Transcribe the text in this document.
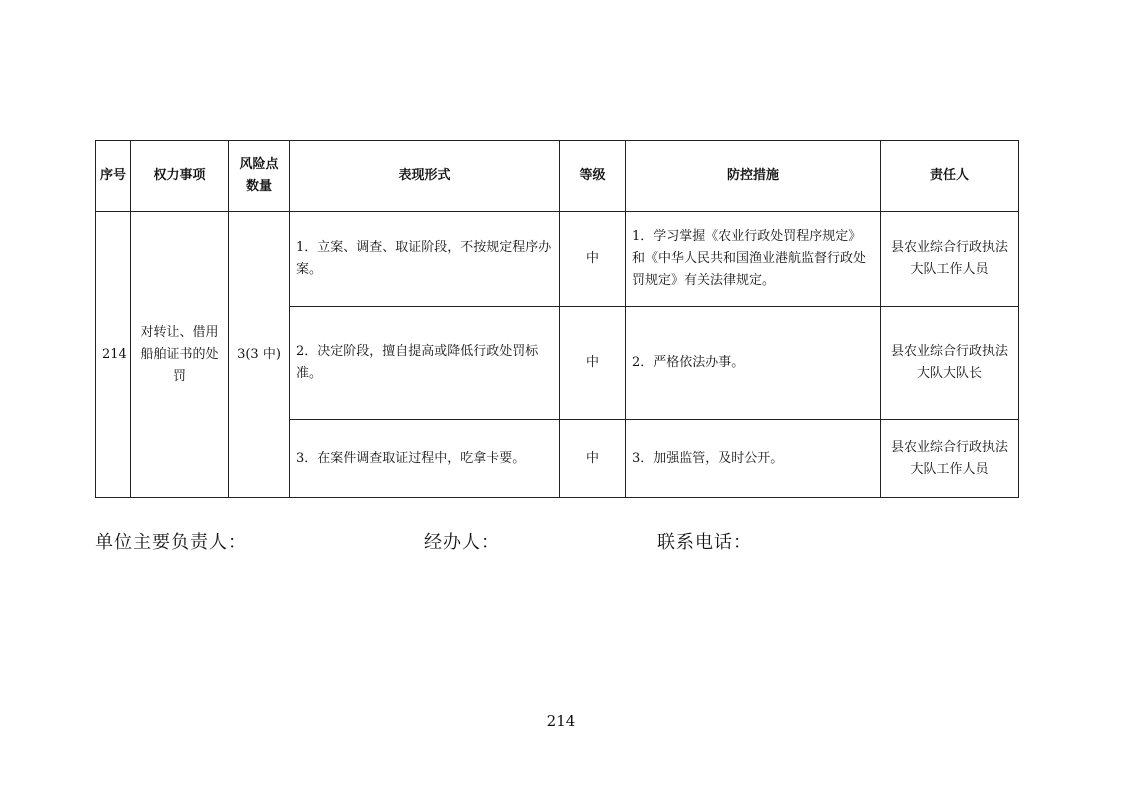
序号	权力事项	风险点数量	表现形式	等级	防控措施	责任人
214	对转让、借用船舶证书的处罚	3(3 中)	1．立案、调查、取证阶段，不按规定程序办案。	中	1．学习掌握《农业行政处罚程序规定》和《中华人民共和国渔业港航监督行政处罚规定》有关法律规定。	县农业综合行政执法大队工作人员
			2．决定阶段，擅自提高或降低行政处罚标准。	中	2．严格依法办事。	县农业综合行政执法大队大队长
			3．在案件调查取证过程中，吃拿卡要。	中	3．加强监管，及时公开。	县农业综合行政执法大队工作人员
单位主要负责人：	经办人：	联系电话：
214
